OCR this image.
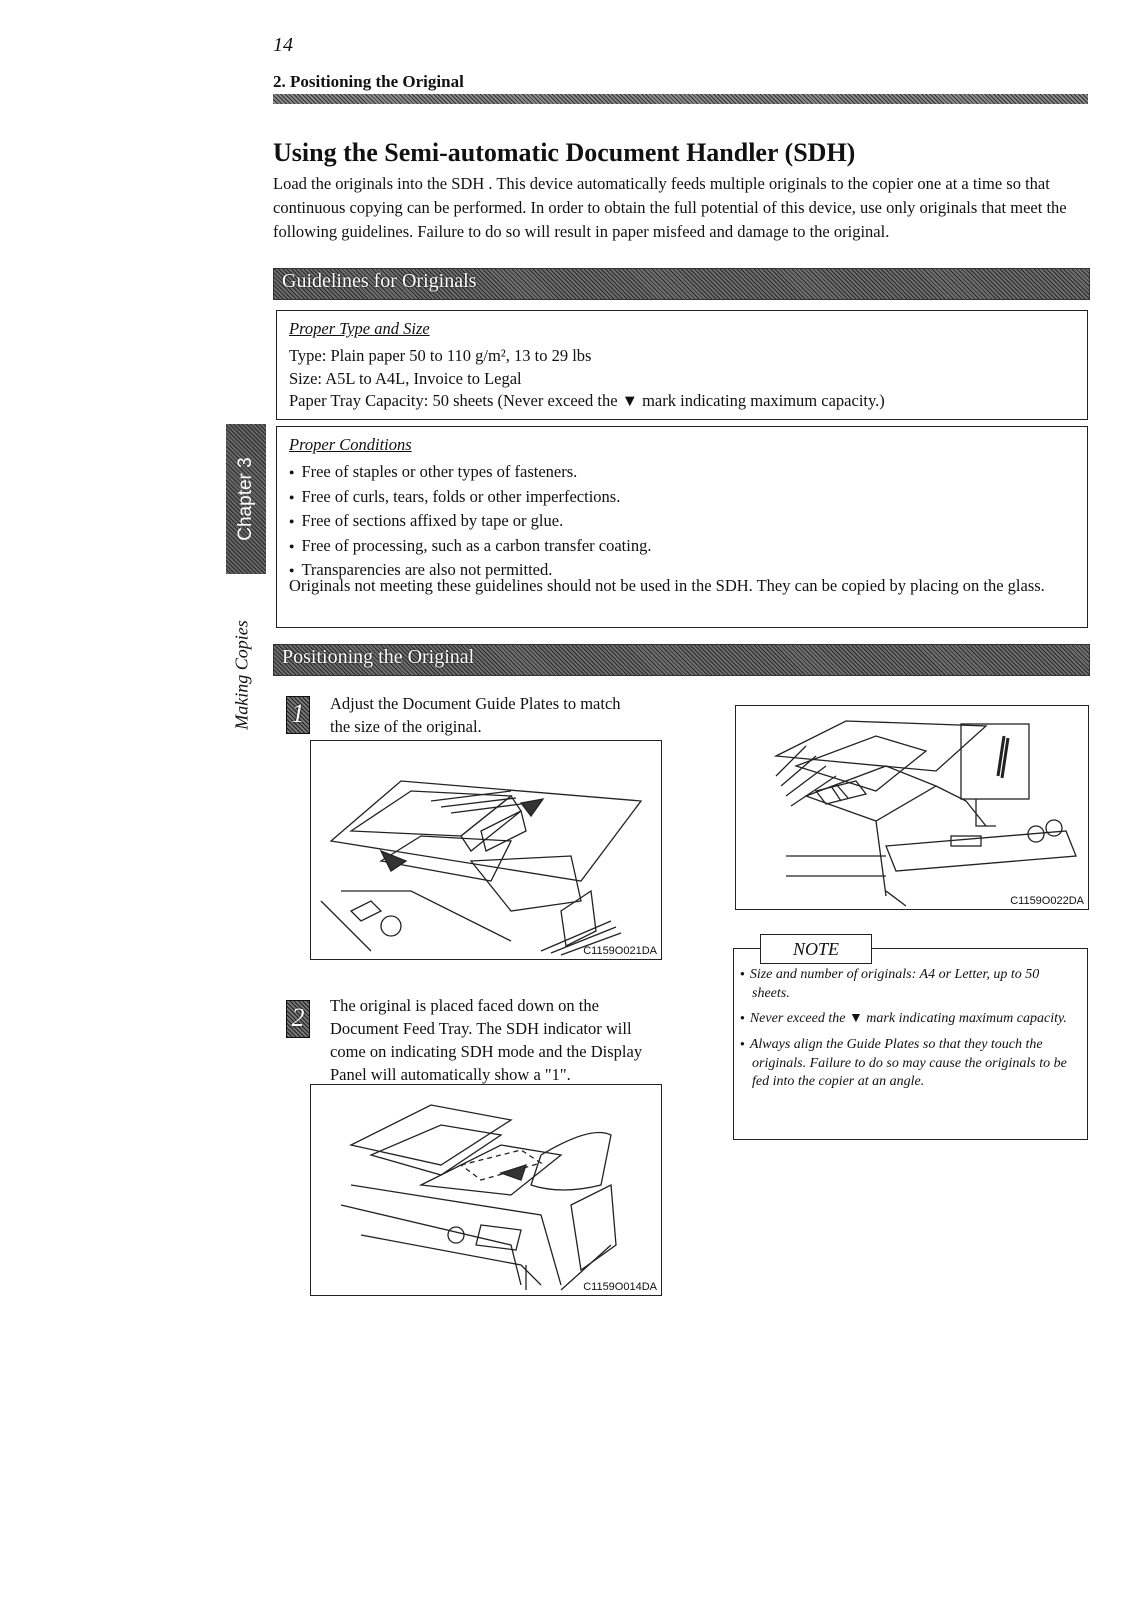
14
2. Positioning the Original
Using the Semi-automatic Document Handler (SDH)
Load the originals into the SDH . This device automatically feeds multiple originals to the copier one at a time so that continuous copying can be performed. In order to obtain the full potential of this device, use only originals that meet the following guidelines. Failure to do so will result in paper misfeed and damage to the original.
Guidelines for Originals
Proper Type and Size
Type: Plain paper 50 to 110 g/m², 13 to 29 lbs
Size: A5L to A4L, Invoice to Legal
Paper Tray Capacity: 50 sheets (Never exceed the ▼ mark indicating maximum capacity.)
Proper Conditions
● Free of staples or other types of fasteners.
● Free of curls, tears, folds or other imperfections.
● Free of sections affixed by tape or glue.
● Free of processing, such as a carbon transfer coating.
● Transparencies are also not permitted.
Originals not meeting these guidelines should not be used in the SDH. They can be copied by placing on the glass.
Chapter 3
Making Copies Positioning the Original
1 Adjust the Document Guide Plates to match the size of the original.
C1159O021DA
2 The original is placed faced down on the Document Feed Tray. The SDH indicator will come on indicating SDH mode and the Display Panel will automatically show a "1".
C1159O014DA
C1159O022DA
NOTE
● Size and number of originals: A4 or Letter, up to 50 sheets.
● Never exceed the ▼ mark indicating maximum capacity.
● Always align the Guide Plates so that they touch the originals. Failure to do so may cause the originals to be fed into the copier at an angle.
